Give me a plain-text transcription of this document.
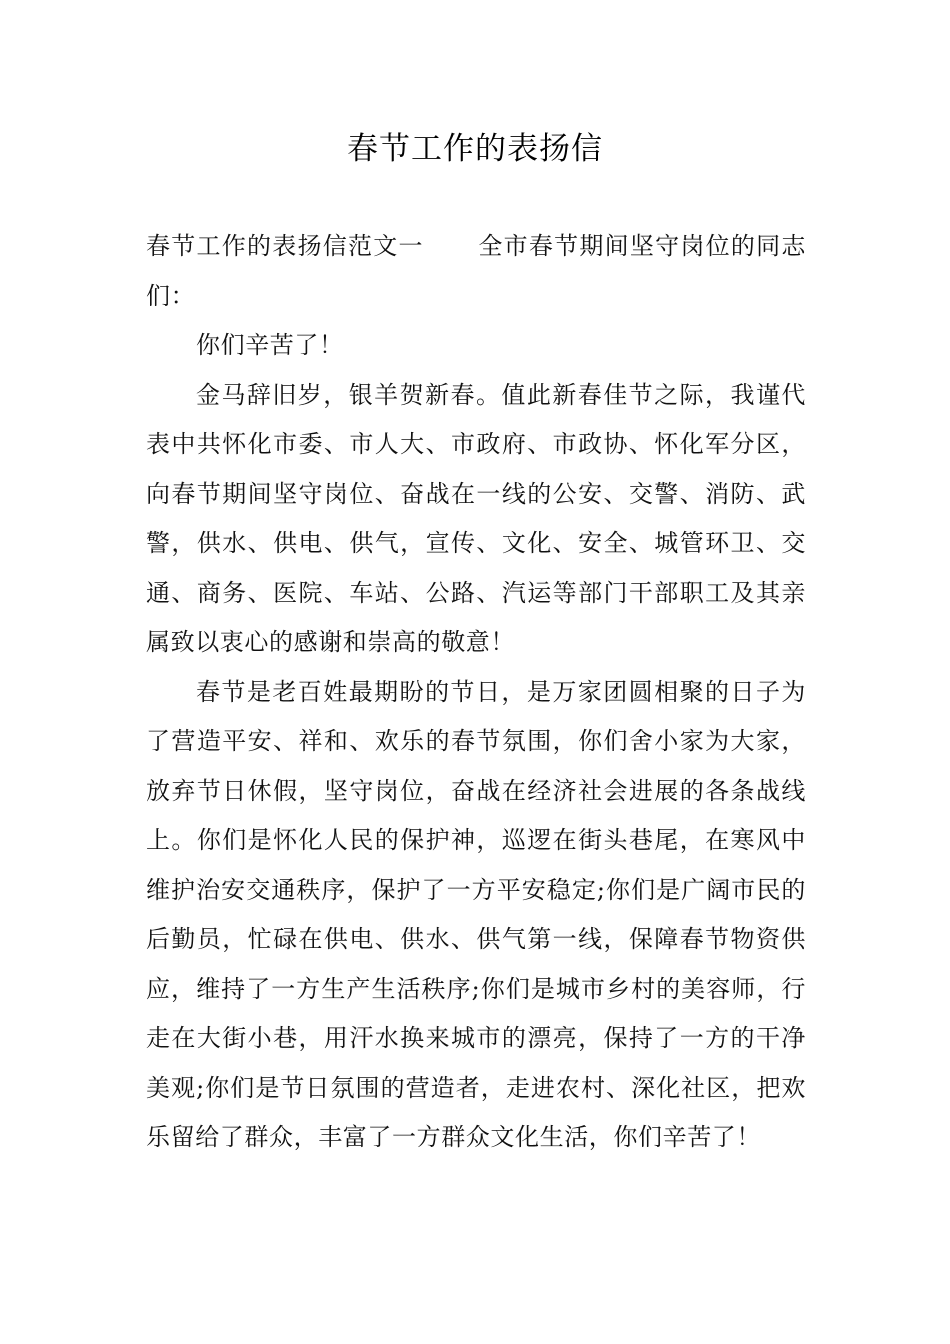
春节工作的表扬信

春节工作的表扬信范文一 全市春节期间坚守岗位的同志们：

你们辛苦了！

金马辞旧岁，银羊贺新春。值此新春佳节之际，我谨代表中共怀化市委、市人大、市政府、市政协、怀化军分区，向春节期间坚守岗位、奋战在一线的公安、交警、消防、武警，供水、供电、供气，宣传、文化、安全、城管环卫、交通、商务、医院、车站、公路、汽运等部门干部职工及其亲属致以衷心的感谢和崇高的敬意！

春节是老百姓最期盼的节日，是万家团圆相聚的日子为了营造平安、祥和、欢乐的春节氛围，你们舍小家为大家，放弃节日休假，坚守岗位，奋战在经济社会进展的各条战线上。你们是怀化人民的保护神，巡逻在街头巷尾，在寒风中维护治安交通秩序，保护了一方平安稳定;你们是广阔市民的后勤员，忙碌在供电、供水、供气第一线，保障春节物资供应，维持了一方生产生活秩序;你们是城市乡村的美容师，行走在大街小巷，用汗水换来城市的漂亮，保持了一方的干净美观;你们是节日氛围的营造者，走进农村、深化社区，把欢乐留给了群众，丰富了一方群众文化生活，你们辛苦了！
